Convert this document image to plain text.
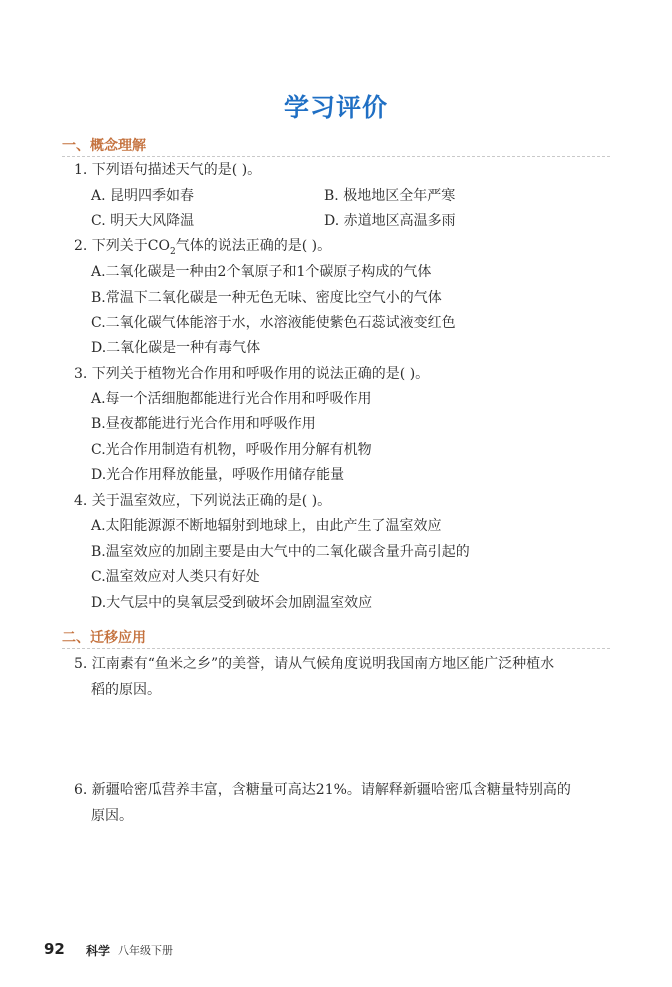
学习评价
一、概念理解
1. 下列语句描述天气的是( )。
A. 昆明四季如春	B. 极地地区全年严寒
C. 明天大风降温	D. 赤道地区高温多雨
2. 下列关于$CO_2$气体的说法正确的是( )。
A.二氧化碳是一种由2个氧原子和1个碳原子构成的气体
B.常温下二氧化碳是一种无色无味、密度比空气小的气体
C.二氧化碳气体能溶于水，水溶液能使紫色石蕊试液变红色
D.二氧化碳是一种有毒气体
3. 下列关于植物光合作用和呼吸作用的说法正确的是( )。
A.每一个活细胞都能进行光合作用和呼吸作用
B.昼夜都能进行光合作用和呼吸作用
C.光合作用制造有机物，呼吸作用分解有机物
D.光合作用释放能量，呼吸作用储存能量
4. 关于温室效应，下列说法正确的是( )。
A.太阳能源源不断地辐射到地球上，由此产生了温室效应
B.温室效应的加剧主要是由大气中的二氧化碳含量升高引起的
C.温室效应对人类只有好处
D.大气层中的臭氧层受到破坏会加剧温室效应
二、迁移应用
5. 江南素有“鱼米之乡”的美誉，请从气候角度说明我国南方地区能广泛种植水
稻的原因。
6. 新疆哈密瓜营养丰富，含糖量可高达21%。请解释新疆哈密瓜含糖量特别高的
原因。
92 科学 八年级下册
